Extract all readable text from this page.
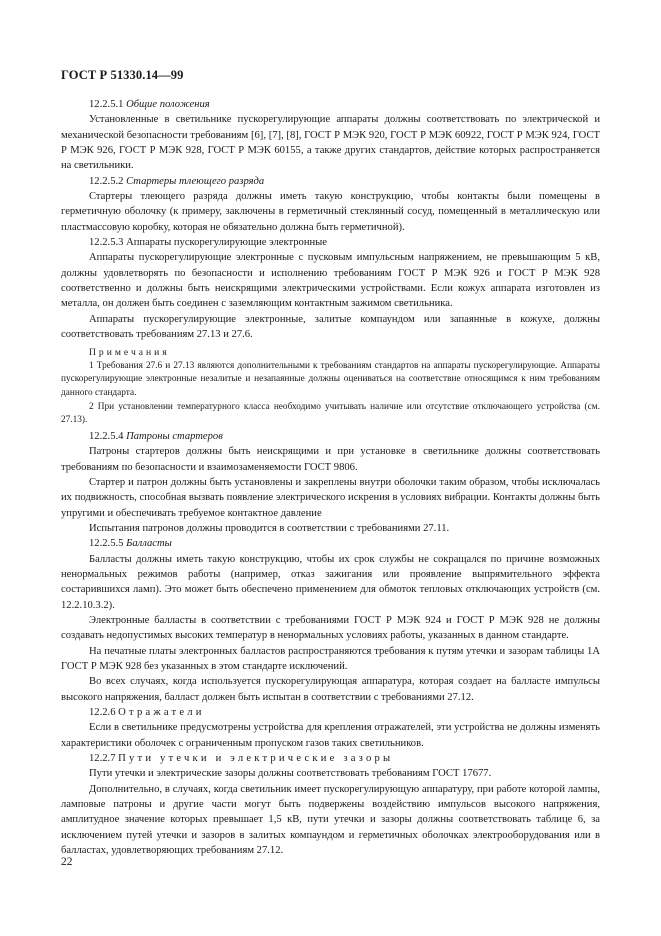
ГОСТ Р 51330.14—99

12.2.5.1 Общие положения

Установленные в светильнике пускорегулирующие аппараты должны соответствовать по электрической и механической безопасности требованиям [6], [7], [8], ГОСТ Р МЭК 920, ГОСТ Р МЭК 60922, ГОСТ Р МЭК 924, ГОСТ Р МЭК 926, ГОСТ Р МЭК 928, ГОСТ Р МЭК 60155, а также других стандартов, действие которых распространяется на светильники.

12.2.5.2 Стартеры тлеющего разряда

Стартеры тлеющего разряда должны иметь такую конструкцию, чтобы контакты были помещены в герметичную оболочку (к примеру, заключены в герметичный стеклянный сосуд, помещенный в металлическую или пластмассовую коробку, которая не обязательно должна быть герметичной).

12.2.5.3 Аппараты пускорегулирующие электронные

Аппараты пускорегулирующие электронные с пусковым импульсным напряжением, не превышающим 5 кВ, должны удовлетворять по безопасности и исполнению требованиям ГОСТ Р МЭК 926 и ГОСТ Р МЭК 928 соответственно и должны быть неискрящими электрическими устройствами. Если кожух аппарата изготовлен из металла, он должен быть соединен с заземляющим контактным зажимом светильника.

Аппараты пускорегулирующие электронные, залитые компаундом или запаянные в кожухе, должны соответствовать требованиям 27.13 и 27.6.

Примечания

1 Требования 27.6 и 27.13 являются дополнительными к требованиям стандартов на аппараты пускорегулирующие. Аппараты пускорегулирующие электронные незалитые и незапаянные должны оцениваться на соответствие относящимся к ним требованиям данного стандарта.

2 При установлении температурного класса необходимо учитывать наличие или отсутствие отключающего устройства (см. 27.13).

12.2.5.4 Патроны стартеров

Патроны стартеров должны быть неискрящими и при установке в светильнике должны соответствовать требованиям по безопасности и взаимозаменяемости ГОСТ 9806.

Стартер и патрон должны быть установлены и закреплены внутри оболочки таким образом, чтобы исключалась их подвижность, способная вызвать появление электрического искрения в условиях вибрации. Контакты должны быть упругими и обеспечивать требуемое контактное давление

Испытания патронов должны проводится в соответствии с требованиями 27.11.

12.2.5.5 Балласты

Балласты должны иметь такую конструкцию, чтобы их срок службы не сокращался по причине возможных ненормальных режимов работы (например, отказ зажигания или проявление выпрямительного эффекта состарившихся ламп). Это может быть обеспечено применением для обмоток тепловых отключающих устройств (см. 12.2.10.3.2).

Электронные балласты в соответствии с требованиями ГОСТ Р МЭК 924 и ГОСТ Р МЭК 928 не должны создавать недопустимых высоких температур в ненормальных условиях работы, указанных в данном стандарте.

На печатные платы электронных балластов распространяются требования к путям утечки и зазорам таблицы 1А ГОСТ Р МЭК 928 без указанных в этом стандарте исключений.

Во всех случаях, когда используется пускорегулирующая аппаратура, которая создает на балласте импульсы высокого напряжения, балласт должен быть испытан в соответствии с требованиями 27.12.

12.2.6 Отражатели

Если в светильнике предусмотрены устройства для крепления отражателей, эти устройства не должны изменять характеристики оболочек с ограниченным пропуском газов таких светильников.

12.2.7 Пути утечки и электрические зазоры

Пути утечки и электрические зазоры должны соответствовать требованиям ГОСТ 17677.

Дополнительно, в случаях, когда светильник имеет пускорегулирующую аппаратуру, при работе которой лампы, ламповые патроны и другие части могут быть подвержены воздействию импульсов высокого напряжения, амплитудное значение которых превышает 1,5 кВ, пути утечки и зазоры должны соответствовать таблице 6, за исключением путей утечки и зазоров в залитых компаундом и герметичных оболочках электрооборудования или в балластах, удовлетворяющих требованиям 27.12.

22
